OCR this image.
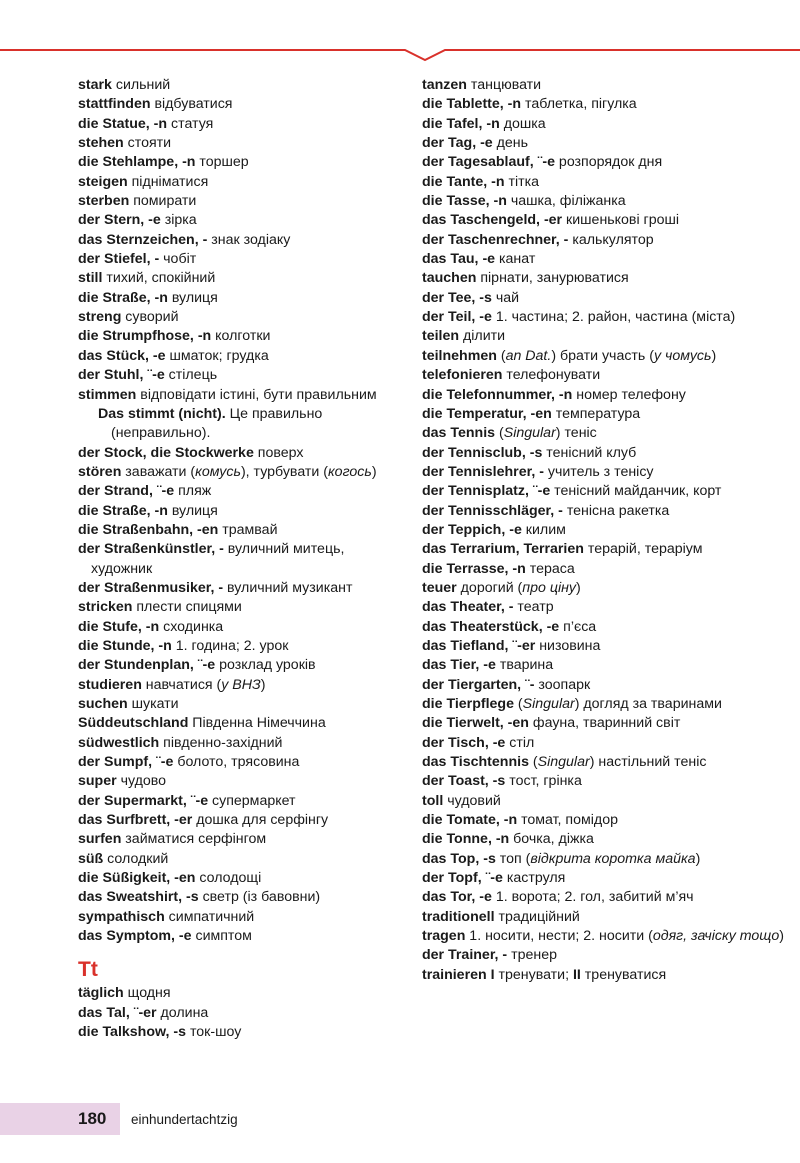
stark сильний
stattfinden відбуватися
die Statue, -n статуя
stehen стояти
die Stehlampe, -n торшер
steigen підніматися
sterben помирати
der Stern, -e зірка
das Sternzeichen, - знак зодіаку
der Stiefel, - чобіт
still тихий, спокійний
die Straße, -n вулиця
streng суворий
die Strumpfhose, -n колготки
das Stück, -e шматок; грудка
der Stuhl, ¨-e стілець
stimmen відповідати істині, бути правильним
Das stimmt (nicht). Це правильно (неправильно).
der Stock, die Stockwerke поверх
stören заважати (комусь), турбувати (когось)
der Strand, ¨-e пляж
die Straße, -n вулиця
die Straßenbahn, -en трамвай
der Straßenkünstler, - вуличний митець, художник
der Straßenmusiker, - вуличний музикант
stricken плести спицями
die Stufe, -n сходинка
die Stunde, -n 1. година; 2. урок
der Stundenplan, ¨-e розклад уроків
studieren навчатися (у ВНЗ)
suchen шукати
Süddeutschland Південна Німеччина
südwestlich південно-західний
der Sumpf, ¨-e болото, трясовина
super чудово
der Supermarkt, ¨-e супермаркет
das Surfbrett, -er дошка для серфінгу
surfen займатися серфінгом
süß солодкий
die Süßigkeit, -en солодощі
das Sweatshirt, -s светр (із бавовни)
sympathisch симпатичний
das Symptom, -e симптом
Tt
täglich щодня
das Tal, ¨-er долина
die Talkshow, -s ток-шоу
tanzen танцювати
die Tablette, -n таблетка, пігулка
die Tafel, -n дошка
der Tag, -e день
der Tagesablauf, ¨-e розпорядок дня
die Tante, -n тітка
die Tasse, -n чашка, філіжанка
das Taschengeld, -er кишенькові гроші
der Taschenrechner, - калькулятор
das Tau, -e канат
tauchen пірнати, занурюватися
der Tee, -s чай
der Teil, -e 1. частина; 2. район, частина (міста)
teilen ділити
teilnehmen (an Dat.) брати участь (у чомусь)
telefonieren телефонувати
die Telefonnummer, -n номер телефону
die Temperatur, -en температура
das Tennis (Singular) теніс
der Tennisclub, -s тенісний клуб
der Tennislehrer, - учитель з тенісу
der Tennisplatz, ¨-e тенісний майданчик, корт
der Tennisschläger, - тенісна ракетка
der Teppich, -e килим
das Terrarium, Terrarien терарій, тераріум
die Terrasse, -n тераса
teuer дорогий (про ціну)
das Theater, - театр
das Theaterstück, -e п’єса
das Tiefland, ¨-er низовина
das Tier, -e тварина
der Tiergarten, ¨- зоопарк
die Tierpflege (Singular) догляд за тваринами
die Tierwelt, -en фауна, тваринний світ
der Tisch, -e стіл
das Tischtennis (Singular) настільний теніс
der Toast, -s тост, грінка
toll чудовий
die Tomate, -n томат, помідор
die Tonne, -n бочка, діжка
das Top, -s топ (відкрита коротка майка)
der Topf, ¨-e каструля
das Tor, -e 1. ворота; 2. гол, забитий м’яч
traditionell традиційний
tragen 1. носити, нести; 2. носити (одяг, зачіску тощо)
der Trainer, - тренер
trainieren I тренувати; II тренуватися
180 einhundertachtzig
